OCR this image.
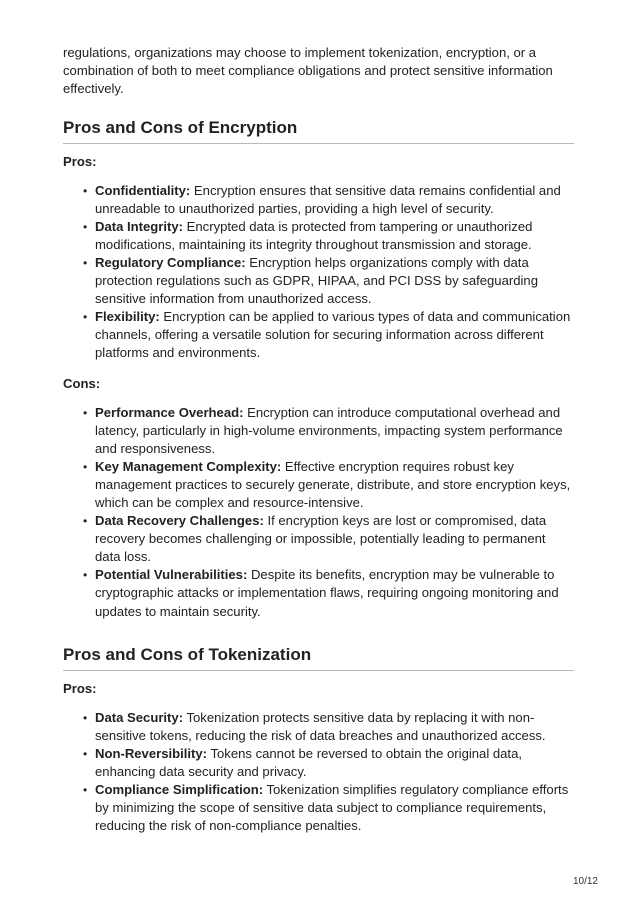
regulations, organizations may choose to implement tokenization, encryption, or a combination of both to meet compliance obligations and protect sensitive information effectively.

Pros and Cons of Encryption
Pros:
• Confidentiality: Encryption ensures that sensitive data remains confidential and unreadable to unauthorized parties, providing a high level of security.
• Data Integrity: Encrypted data is protected from tampering or unauthorized modifications, maintaining its integrity throughout transmission and storage.
• Regulatory Compliance: Encryption helps organizations comply with data protection regulations such as GDPR, HIPAA, and PCI DSS by safeguarding sensitive information from unauthorized access.
• Flexibility: Encryption can be applied to various types of data and communication channels, offering a versatile solution for securing information across different platforms and environments.
Cons:
• Performance Overhead: Encryption can introduce computational overhead and latency, particularly in high-volume environments, impacting system performance and responsiveness.
• Key Management Complexity: Effective encryption requires robust key management practices to securely generate, distribute, and store encryption keys, which can be complex and resource-intensive.
• Data Recovery Challenges: If encryption keys are lost or compromised, data recovery becomes challenging or impossible, potentially leading to permanent data loss.
• Potential Vulnerabilities: Despite its benefits, encryption may be vulnerable to cryptographic attacks or implementation flaws, requiring ongoing monitoring and updates to maintain security.
Pros and Cons of Tokenization
Pros:
• Data Security: Tokenization protects sensitive data by replacing it with non-sensitive tokens, reducing the risk of data breaches and unauthorized access.
• Non-Reversibility: Tokens cannot be reversed to obtain the original data, enhancing data security and privacy.
• Compliance Simplification: Tokenization simplifies regulatory compliance efforts by minimizing the scope of sensitive data subject to compliance requirements, reducing the risk of non-compliance penalties.
10/12
